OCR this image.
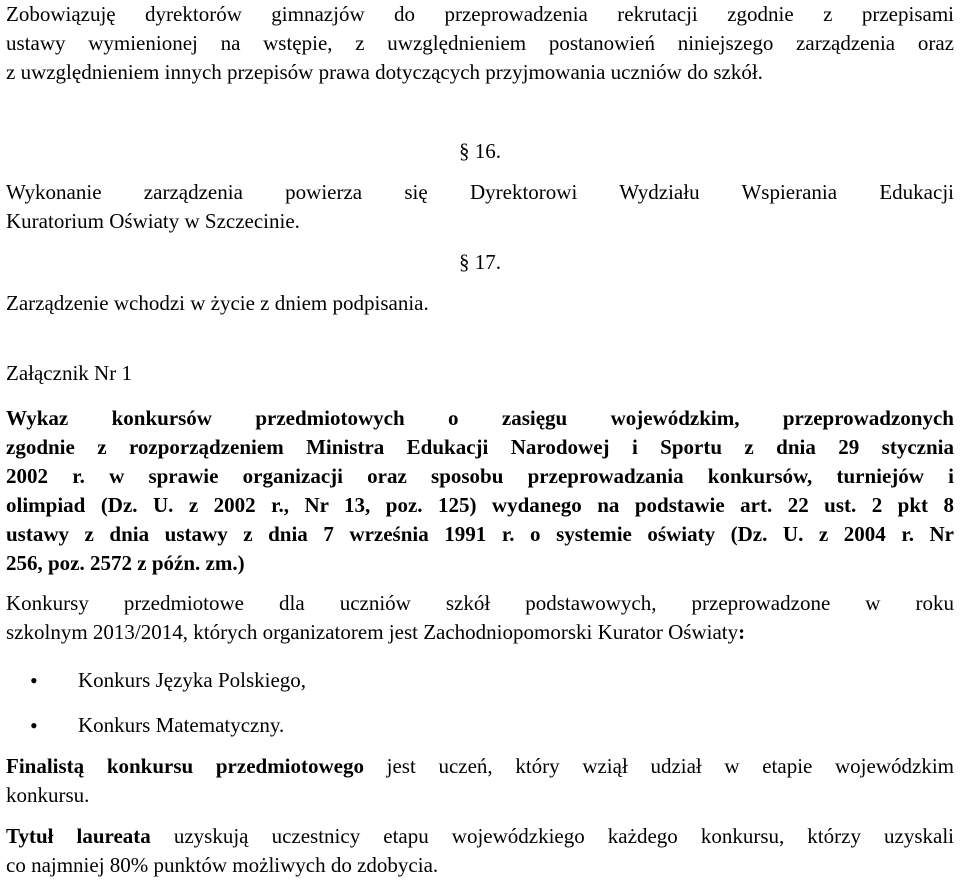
Zobowiązuję dyrektorów gimnazjów do przeprowadzenia rekrutacji zgodnie z przepisami

ustawy wymienionej na wstępie, z uwzględnieniem postanowień niniejszego zarządzenia oraz

z uwzględnieniem innych przepisów prawa dotyczących przyjmowania uczniów do szkół.

§ 16.

Wykonanie zarządzenia powierza się Dyrektorowi Wydziału Wspierania Edukacji

Kuratorium Oświaty w Szczecinie.

§ 17.

Zarządzenie wchodzi w życie z dniem podpisania.

Załącznik Nr 1

Wykaz konkursów przedmiotowych o zasięgu wojewódzkim, przeprowadzonych

zgodnie z rozporządzeniem Ministra Edukacji Narodowej i Sportu z dnia 29 stycznia

2002 r. w sprawie organizacji oraz sposobu przeprowadzania konkursów, turniejów i

olimpiad (Dz. U. z 2002 r., Nr 13, poz. 125) wydanego na podstawie art. 22 ust. 2 pkt 8

ustawy z dnia ustawy z dnia 7 września 1991 r. o systemie oświaty (Dz. U. z 2004 r. Nr

256, poz. 2572 z późn. zm.)

Konkursy przedmiotowe dla uczniów szkół podstawowych, przeprowadzone w roku

szkolnym 2013/2014, których organizatorem jest Zachodniopomorski Kurator Oświaty:

• Konkurs Języka Polskiego,
• Konkurs Matematyczny.

Finalistą konkursu przedmiotowego jest uczeń, który wziął udział w etapie wojewódzkim

konkursu.

Tytuł laureata uzyskują uczestnicy etapu wojewódzkiego każdego konkursu, którzy uzyskali

co najmniej 80% punktów możliwych do zdobycia.
